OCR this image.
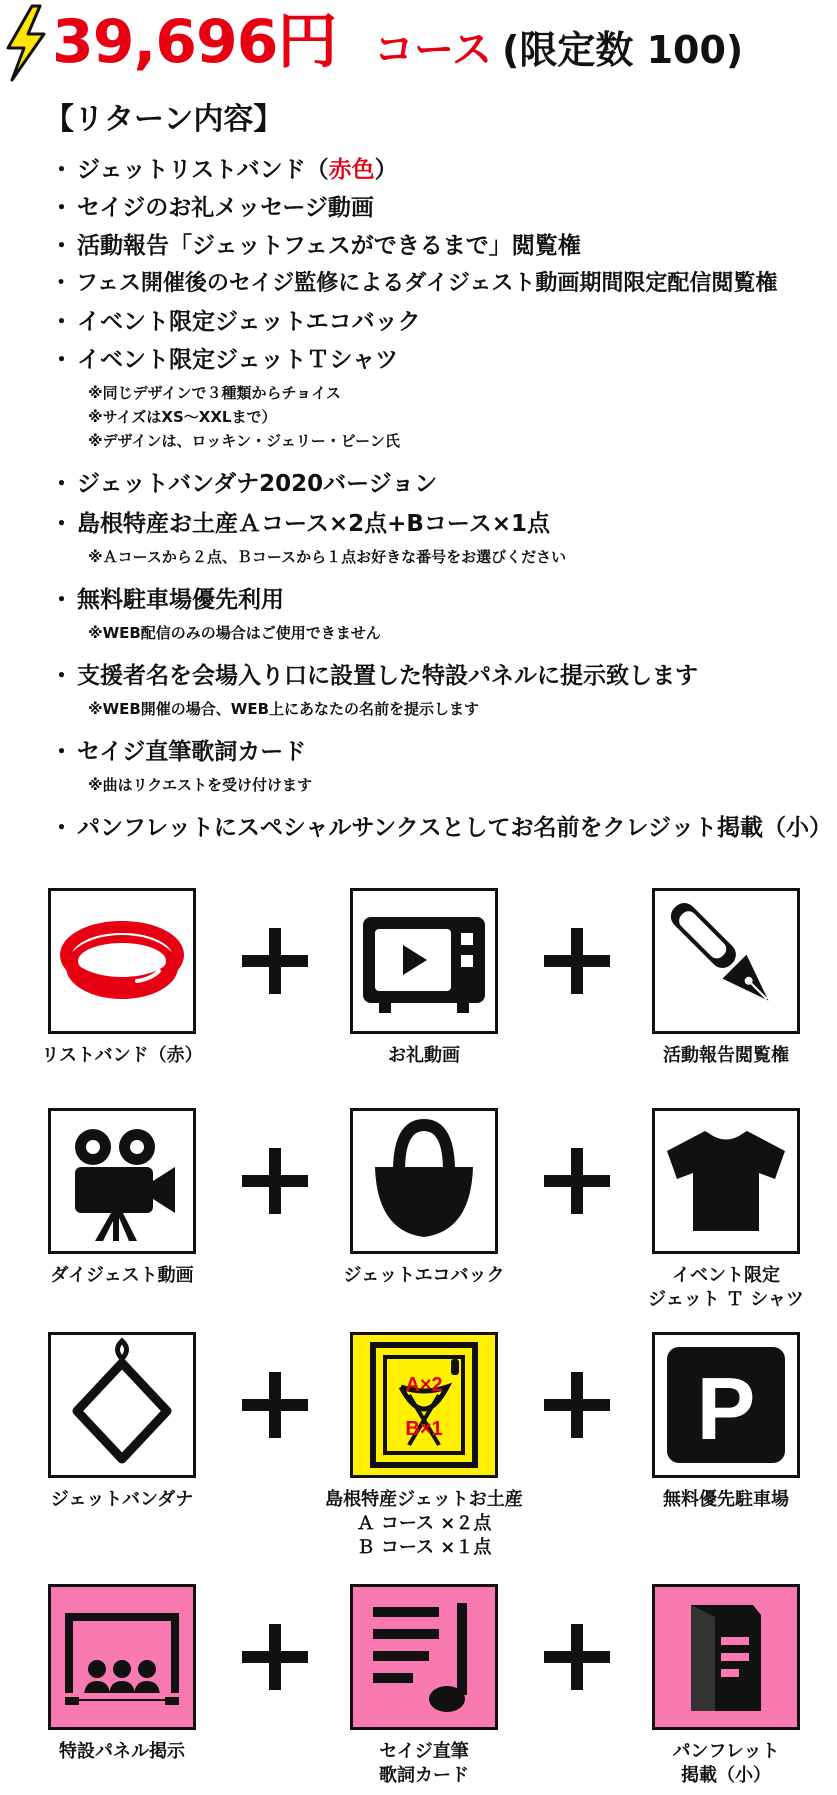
39,696円 コース (限定数 100)
【リターン内容】
・ ジェットリストバンド（赤色）
・ セイジのお礼メッセージ動画
・ 活動報告「ジェットフェスができるまで」閲覧権
・ フェス開催後のセイジ監修によるダイジェスト動画期間限定配信閲覧権
・ イベント限定ジェットエコバック
・ イベント限定ジェットＴシャツ
※同じデザインで３種類からチョイス
※サイズはXS～XXLまで）
※デザインは、ロッキン・ジェリー・ビーン氏
・ ジェットバンダナ2020バージョン
・ 島根特産お土産Ａコース×2点+Bコース×1点
※Ａコースから２点、Ｂコースから１点お好きな番号をお選びください
・ 無料駐車場優先利用
※WEB配信のみの場合はご使用できません
・ 支援者名を会場入り口に設置した特設パネルに提示致します
※WEB開催の場合、WEB上にあなたの名前を提示します
・ セイジ直筆歌詞カード
※曲はリクエストを受け付けます
・ パンフレットにスペシャルサンクスとしてお名前をクレジット掲載（小）
リストバンド（赤）	お礼動画	活動報告閲覧権
ダイジェスト動画	ジェットエコバック	イベント限定
ジェット Ｔ シャツ
A×2
B×1	P
ジェットバンダナ	島根特産ジェットお土産
Ａ コース ×２点
Ｂ コース ×１点
無料優先駐車場
特設パネル掲示	セイジ直筆
歌詞カード
パンフレット
掲載（小）
